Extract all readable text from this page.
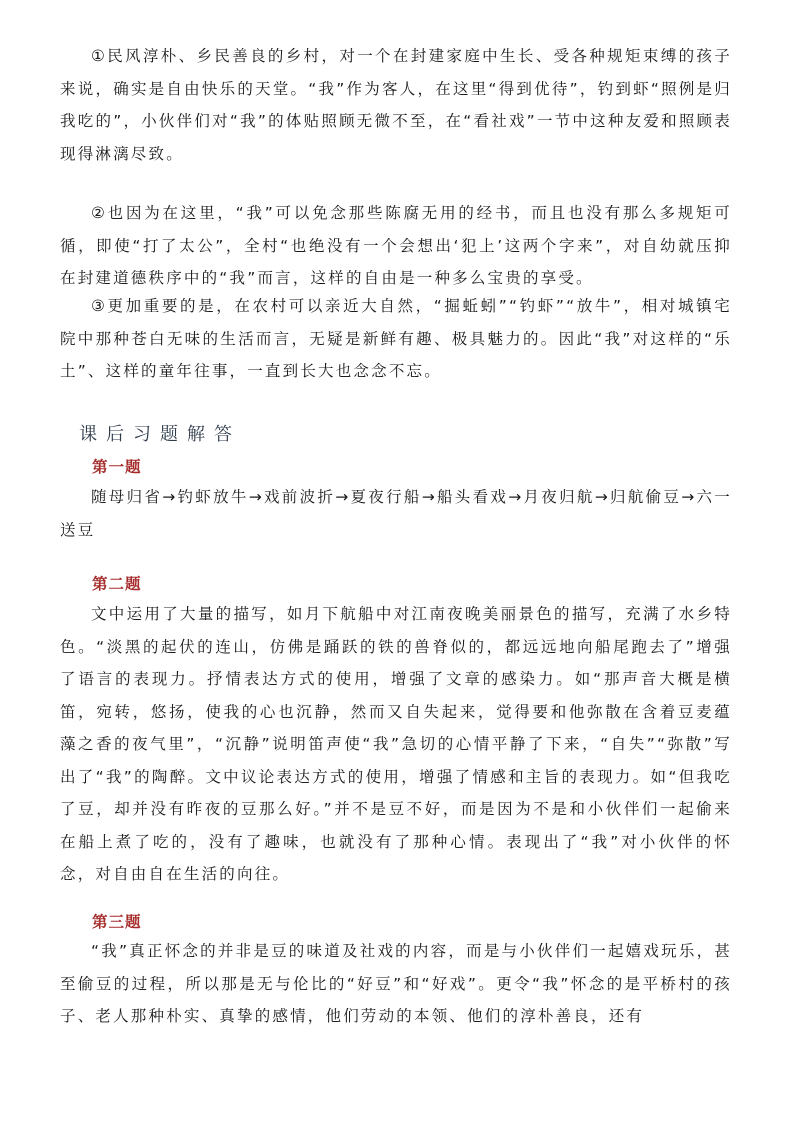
①民风淳朴、乡民善良的乡村，对一个在封建家庭中生长、受各种规矩束缚的孩子来说，确实是自由快乐的天堂。“我”作为客人，在这里“得到优待”，钓到虾“照例是归我吃的”，小伙伴们对“我”的体贴照顾无微不至，在“看社戏”一节中这种友爱和照顾表现得淋漓尽致。

②也因为在这里，“我”可以免念那些陈腐无用的经书，而且也没有那么多规矩可循，即使“打了太公”，全村“也绝没有一个会想出‘犯上’这两个字来”，对自幼就压抑在封建道德秩序中的“我”而言，这样的自由是一种多么宝贵的享受。

③更加重要的是，在农村可以亲近大自然，“掘蚯蚓”“钓虾”“放牛”，相对城镇宅院中那种苍白无味的生活而言，无疑是新鲜有趣、极具魅力的。因此“我”对这样的“乐土”、这样的童年往事，一直到长大也念念不忘。

课后习题解答
第一题

随母归省→钓虾放牛→戏前波折→夏夜行船→船头看戏→月夜归航→归航偷豆→六一送豆

第二题

文中运用了大量的描写，如月下航船中对江南夜晚美丽景色的描写，充满了水乡特色。“淡黑的起伏的连山，仿佛是踊跃的铁的兽脊似的，都远远地向船尾跑去了”增强了语言的表现力。抒情表达方式的使用，增强了文章的感染力。如“那声音大概是横笛，宛转，悠扬，使我的心也沉静，然而又自失起来，觉得要和他弥散在含着豆麦蕴藻之香的夜气里”，“沉静”说明笛声使“我”急切的心情平静了下来，“自失”“弥散”写出了“我”的陶醉。文中议论表达方式的使用，增强了情感和主旨的表现力。如“但我吃了豆，却并没有昨夜的豆那么好。”并不是豆不好，而是因为不是和小伙伴们一起偷来在船上煮了吃的，没有了趣味，也就没有了那种心情。表现出了“我”对小伙伴的怀念，对自由自在生活的向往。

第三题

“我”真正怀念的并非是豆的味道及社戏的内容，而是与小伙伴们一起嬉戏玩乐，甚至偷豆的过程，所以那是无与伦比的“好豆”和“好戏”。更令“我”怀念的是平桥村的孩子、老人那种朴实、真挚的感情，他们劳动的本领、他们的淳朴善良，还有
